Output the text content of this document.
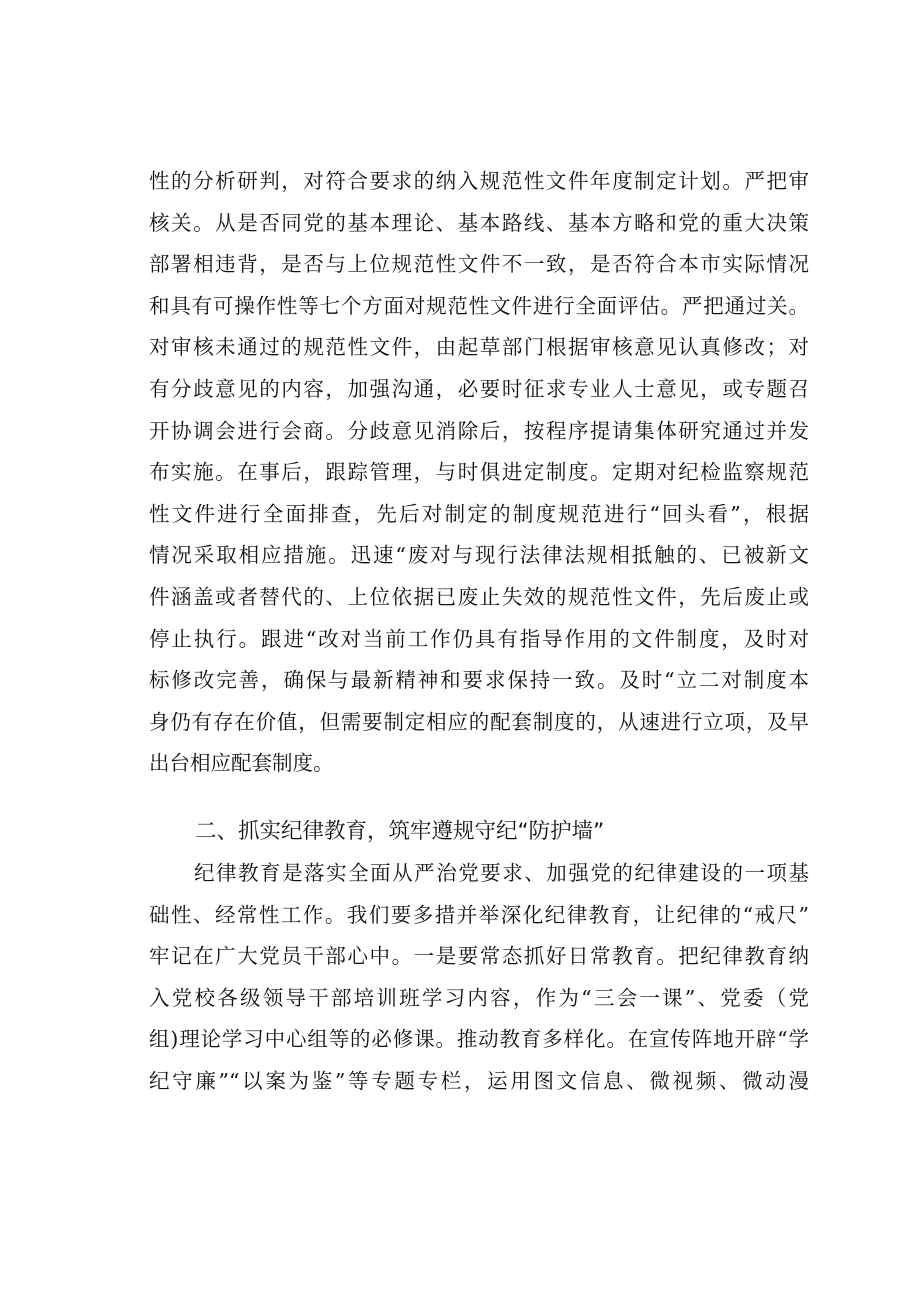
性的分析研判，对符合要求的纳入规范性文件年度制定计划。严把审
核关。从是否同党的基本理论、基本路线、基本方略和党的重大决策
部署相违背，是否与上位规范性文件不一致，是否符合本市实际情况
和具有可操作性等七个方面对规范性文件进行全面评估。严把通过关。
对审核未通过的规范性文件，由起草部门根据审核意见认真修改；对
有分歧意见的内容，加强沟通，必要时征求专业人士意见，或专题召
开协调会进行会商。分歧意见消除后，按程序提请集体研究通过并发
布实施。在事后，跟踪管理，与时俱进定制度。定期对纪检监察规范
性文件进行全面排查，先后对制定的制度规范进行“回头看”，根据
情况采取相应措施。迅速“废对与现行法律法规相抵触的、已被新文
件涵盖或者替代的、上位依据已废止失效的规范性文件，先后废止或
停止执行。跟进“改对当前工作仍具有指导作用的文件制度，及时对
标修改完善，确保与最新精神和要求保持一致。及时“立二对制度本
身仍有存在价值，但需要制定相应的配套制度的，从速进行立项，及早
出台相应配套制度。
二、抓实纪律教育，筑牢遵规守纪“防护墙”
纪律教育是落实全面从严治党要求、加强党的纪律建设的一项基
础性、经常性工作。我们要多措并举深化纪律教育，让纪律的“戒尺”
牢记在广大党员干部心中。一是要常态抓好日常教育。把纪律教育纳
入党校各级领导干部培训班学习内容，作为“三会一课”、党委（党
组)理论学习中心组等的必修课。推动教育多样化。在宣传阵地开辟“学
纪守廉”“以案为鉴”等专题专栏，运用图文信息、微视频、微动漫
